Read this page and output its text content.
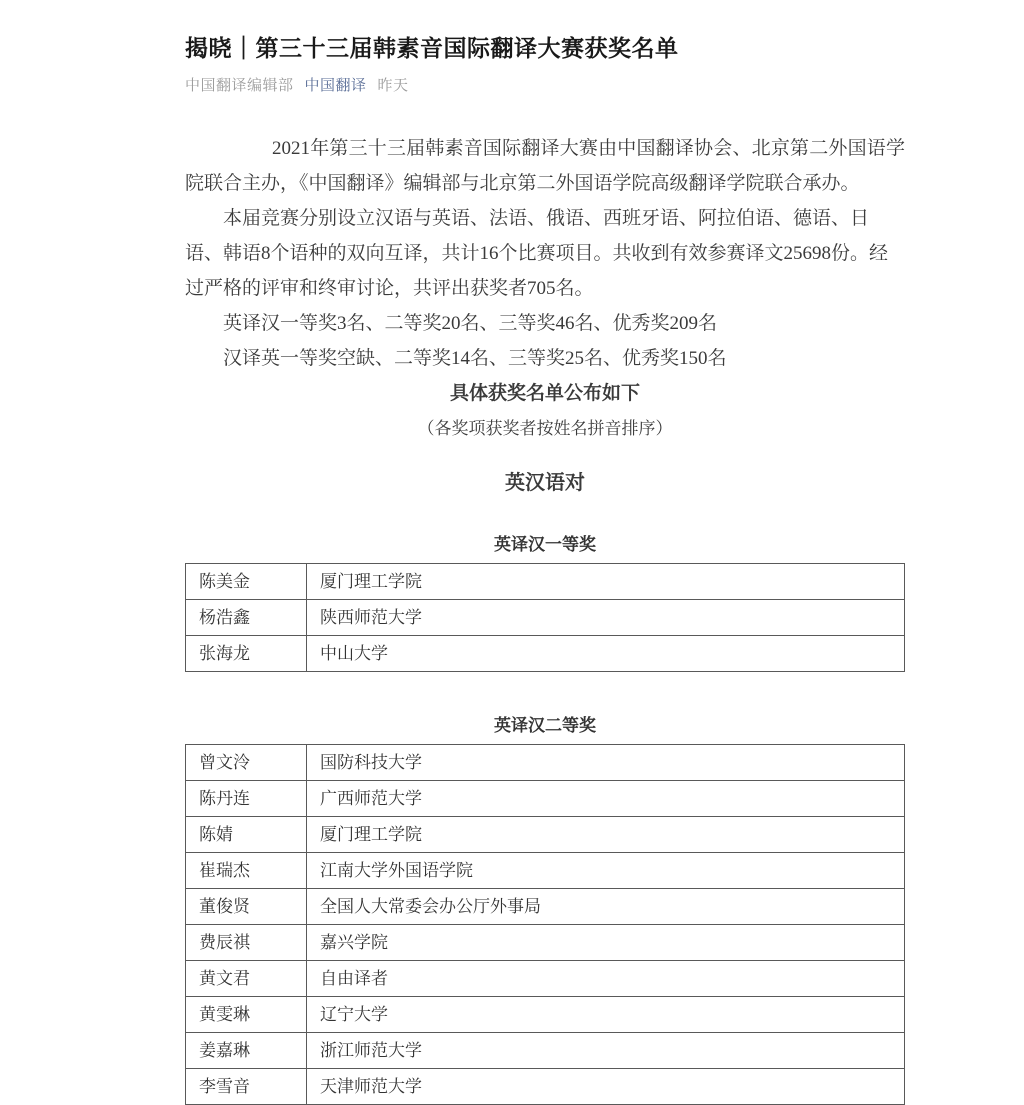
揭晓｜第三十三届韩素音国际翻译大赛获奖名单
中国翻译编辑部 中国翻译 昨天

2021年第三十三届韩素音国际翻译大赛由中国翻译协会、北京第二外国语学院联合主办，《中国翻译》编辑部与北京第二外国语学院高级翻译学院联合承办。

本届竞赛分别设立汉语与英语、法语、俄语、西班牙语、阿拉伯语、德语、日语、韩语8个语种的双向互译，共计16个比赛项目。共收到有效参赛译文25698份。经过严格的评审和终审讨论，共评出获奖者705名。

英译汉一等奖3名、二等奖20名、三等奖46名、优秀奖209名

汉译英一等奖空缺、二等奖14名、三等奖25名、优秀奖150名

具体获奖名单公布如下

（各奖项获奖者按姓名拼音排序）

英汉语对

英译汉一等奖
陈美金	厦门理工学院
杨浩鑫	陕西师范大学
张海龙	中山大学
英译汉二等奖
曾文泠	国防科技大学
陈丹连	广西师范大学
陈婧	厦门理工学院
崔瑞杰	江南大学外国语学院
董俊贤	全国人大常委会办公厅外事局
费辰祺	嘉兴学院
黄文君	自由译者
黄雯琳	辽宁大学
姜嘉琳	浙江师范大学
李雪音	天津师范大学
